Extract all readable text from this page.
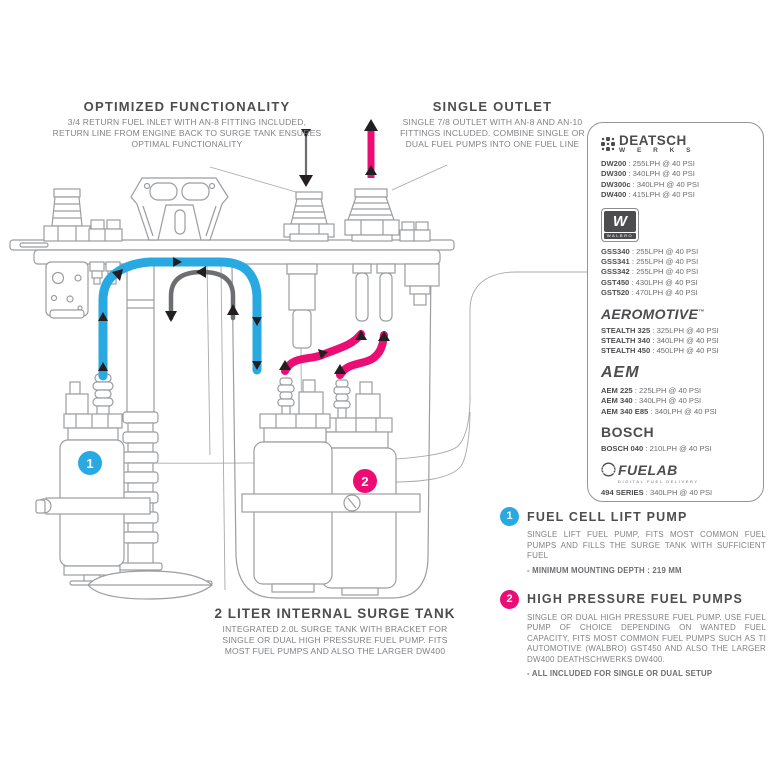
1
2
OPTIMIZED FUNCTIONALITY
3/4 RETURN FUEL INLET WITH AN-8 FITTING INCLUDED, RETURN LINE FROM ENGINE BACK TO SURGE TANK ENSURES OPTIMAL FUNCTIONALITY
SINGLE OUTLET
SINGLE 7/8 OUTLET WITH AN-8 AND AN-10 FITTINGS INCLUDED. COMBINE SINGLE OR DUAL FUEL PUMPS INTO ONE FUEL LINE	DEATSCH
W E R K S
DW200 : 255LPH @ 40 PSI
DW300 : 340LPH @ 40 PSI
DW300c : 340LPH @ 40 PSI
DW400 : 415LPH @ 40 PSI
W
WALBRO
GSS340 : 255LPH @ 40 PSI
GSS341 : 255LPH @ 40 PSI
GSS342 : 255LPH @ 40 PSI
GST450 : 430LPH @ 40 PSI
GST520 : 470LPH @ 40 PSI
AEROMOTIVE™
STEALTH 325 : 325LPH @ 40 PSI
STEALTH 340 : 340LPH @ 40 PSI
STEALTH 450 : 450LPH @ 40 PSI
AEM
AEM 225 : 225LPH @ 40 PSI
AEM 340 : 340LPH @ 40 PSI
AEM 340 E85 : 340LPH @ 40 PSI
BOSCH
BOSCH 040 : 210LPH @ 40 PSI
FUELAB
DIGITAL FUEL DELIVERY
494 SERIES : 340LPH @ 40 PSI
1	FUEL CELL LIFT PUMP
SINGLE LIFT FUEL PUMP, FITS MOST COMMON FUEL PUMPS AND FILLS THE SURGE TANK WITH SUFFICIENT FUEL
- MINIMUM MOUNTING DEPTH : 219 MM
2	HIGH PRESSURE FUEL PUMPS
SINGLE OR DUAL HIGH PRESSURE FUEL PUMP. USE FUEL PUMP OF CHOICE DEPENDING ON WANTED FUEL CAPACITY, FITS MOST COMMON FUEL PUMPS SUCH AS TI AUTOMOTIVE (WALBRO) GST450 AND ALSO THE LARGER DW400 DEATHSCHWERKS DW400.
- ALL INCLUDED FOR SINGLE OR DUAL SETUP
2 LITER INTERNAL SURGE TANK
INTEGRATED 2.0L SURGE TANK WITH BRACKET FOR SINGLE OR DUAL HIGH PRESSURE FUEL PUMP. FITS MOST FUEL PUMPS AND ALSO THE LARGER DW400
